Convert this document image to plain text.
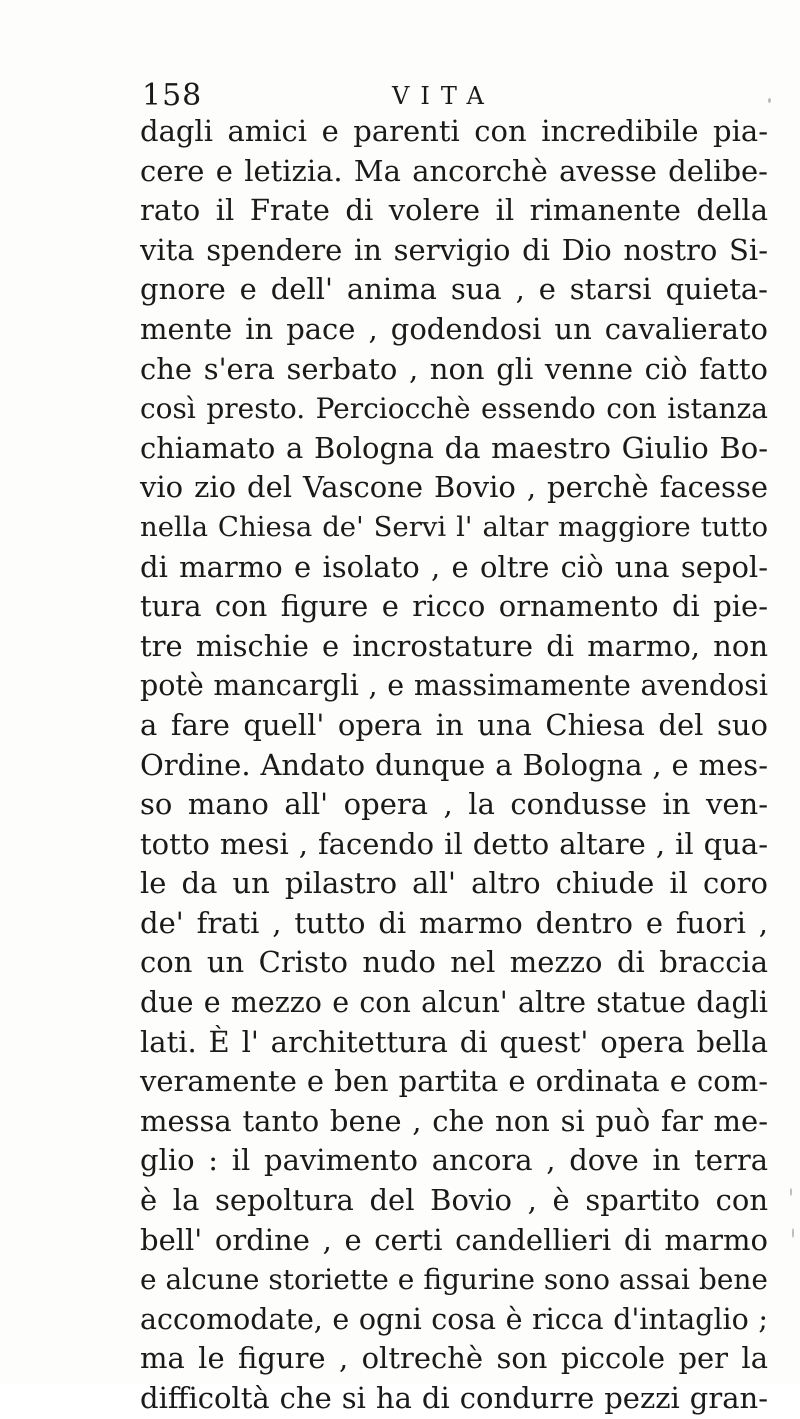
158	VITA
dagli amici e parenti con incredibile pia-
cere e letizia. Ma ancorchè avesse delibe-
rato il Frate di volere il rimanente della
vita spendere in servigio di Dio nostro Si-
gnore e dell' anima sua , e starsi quieta-
mente in pace , godendosi un cavalierato
che s'era serbato , non gli venne ciò fatto
così presto. Perciocchè essendo con istanza
chiamato a Bologna da maestro Giulio Bo-
vio zio del Vascone Bovio , perchè facesse
nella Chiesa de' Servi l' altar maggiore tutto
di marmo e isolato , e oltre ciò una sepol-
tura con figure e ricco ornamento di pie-
tre mischie e incrostature di marmo, non
potè mancargli , e massimamente avendosi
a fare quell' opera in una Chiesa del suo
Ordine. Andato dunque a Bologna , e mes-
so mano all' opera , la condusse in ven-
totto mesi , facendo il detto altare , il qua-
le da un pilastro all' altro chiude il coro
de' frati , tutto di marmo dentro e fuori ,
con un Cristo nudo nel mezzo di braccia
due e mezzo e con alcun' altre statue dagli
lati. È l' architettura di quest' opera bella
veramente e ben partita e ordinata e com-
messa tanto bene , che non si può far me-
glio : il pavimento ancora , dove in terra
è la sepoltura del Bovio , è spartito con
bell' ordine , e certi candellieri di marmo
e alcune storiette e figurine sono assai bene
accomodate, e ogni cosa è ricca d'intaglio ;
ma le figure , oltrechè son piccole per la
difficoltà che si ha di condurre pezzi gran-
